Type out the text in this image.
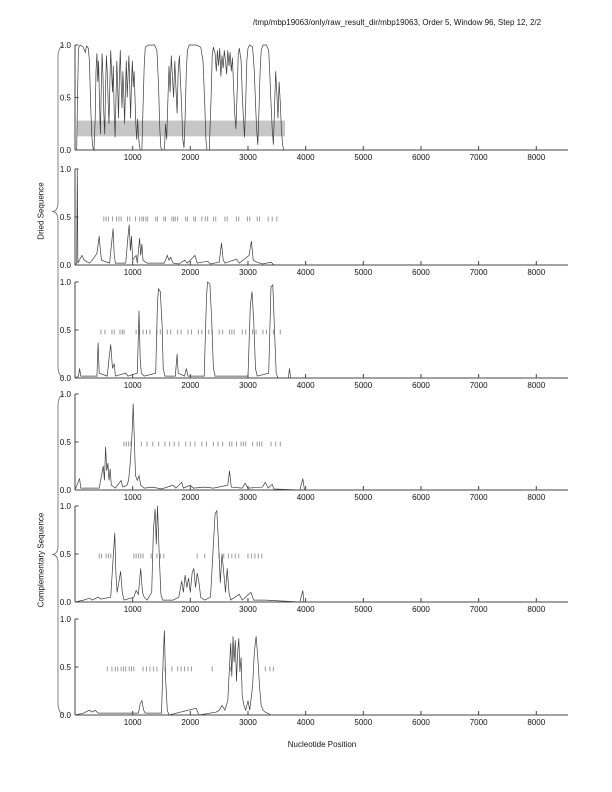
/tmp/mbp19063/only/raw_result_dir/mbp19063, Order 5, Window 96, Step 12, 2/2
Dried Sequence
Complementary Sequence
Nucleotide Position
0.0
0.5
1.0
1000	2000	3000	4000	5000	6000	7000	8000
0.0
0.5
1.0
1000	2000	3000	4000	5000	6000	7000	8000
0.0
0.5
1.0
1000	2000	3000	4000	5000	6000	7000	8000
0.0
0.5
1.0
1000	2000	3000	4000	5000	6000	7000	8000
0.0
0.5
1.0
1000	2000	3000	4000	5000	6000	7000	8000
0.0
0.5
1.0
1000	2000	3000	4000	5000	6000	7000	8000
